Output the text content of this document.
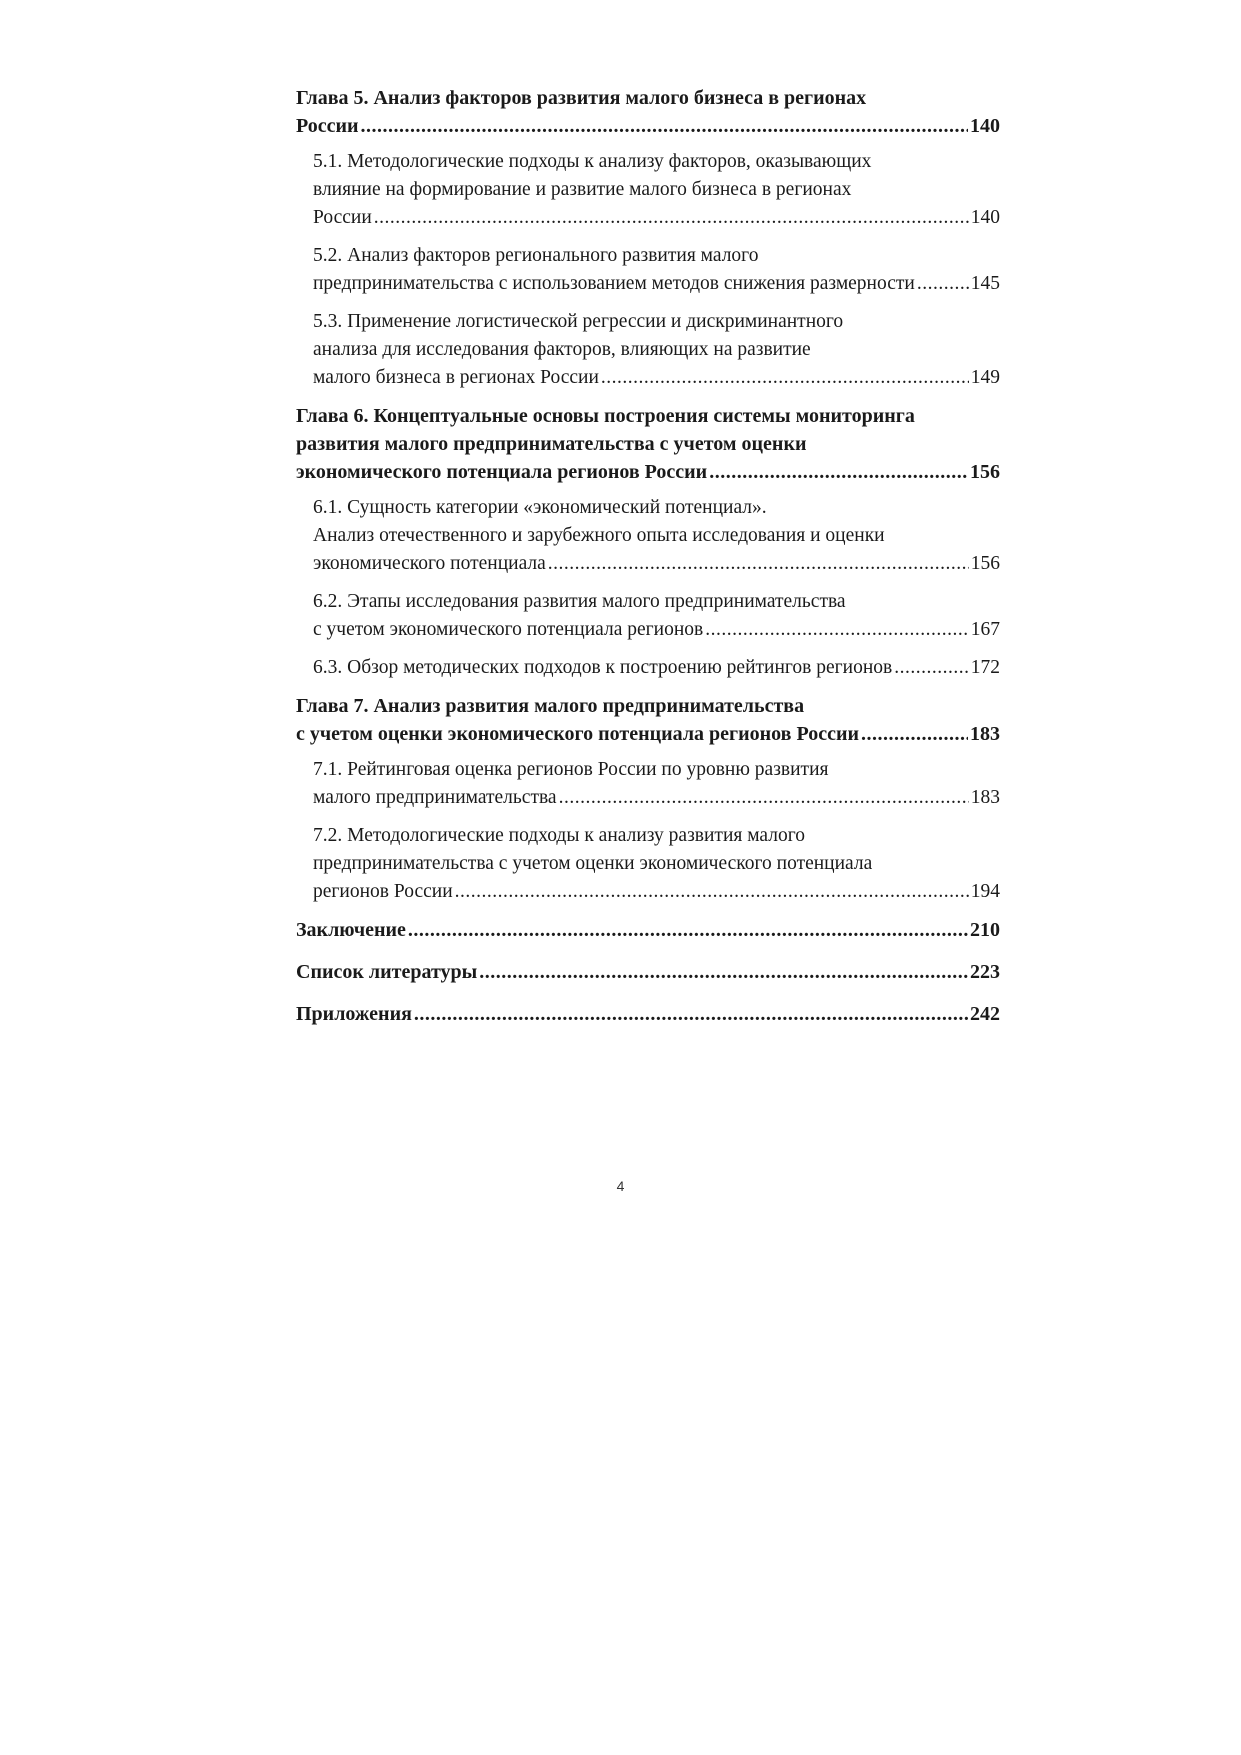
Глава 5. Анализ факторов развития малого бизнеса в регионах
России .....	140
5.1. Методологические подходы к анализу факторов, оказывающих
влияние на формирование и развитие малого бизнеса в регионах
России .....	140
5.2. Анализ факторов регионального развития малого
предпринимательства с использованием методов снижения размерности .....	145
5.3. Применение логистической регрессии и дискриминантного
анализа для исследования факторов, влияющих на развитие
малого бизнеса в регионах России .....	149
Глава 6. Концептуальные основы построения системы мониторинга
развития малого предпринимательства с учетом оценки
экономического потенциала регионов России .....	156
6.1. Сущность категории «экономический потенциал».
Анализ отечественного и зарубежного опыта исследования и оценки
экономического потенциала .....	156
6.2. Этапы исследования развития малого предпринимательства
с учетом экономического потенциала регионов .....	167
6.3. Обзор методических подходов к построению рейтингов регионов .....	172
Глава 7. Анализ развития малого предпринимательства
с учетом оценки экономического потенциала регионов России .....	183
7.1. Рейтинговая оценка регионов России по уровню развития
малого предпринимательства .....	183
7.2. Методологические подходы к анализу развития малого
предпринимательства с учетом оценки экономического потенциала
регионов России .....	194
Заключение .....	210
Список литературы .....	223
Приложения .....	242
4
